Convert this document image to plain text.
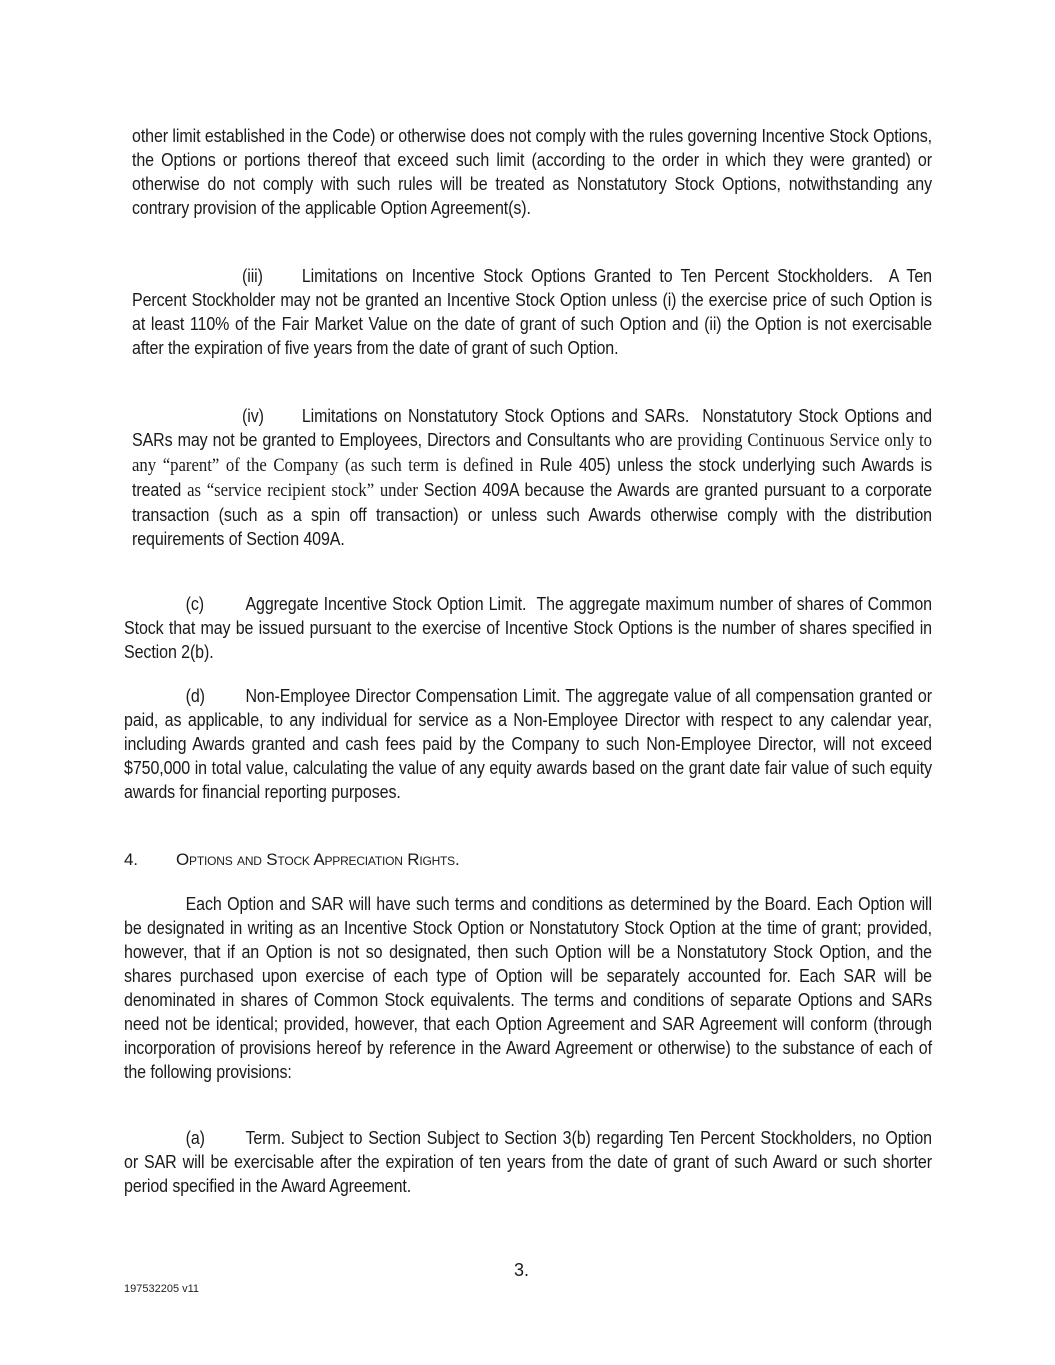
other limit established in the Code) or otherwise does not comply with the rules governing Incentive Stock Options, the Options or portions thereof that exceed such limit (according to the order in which they were granted) or otherwise do not comply with such rules will be treated as Nonstatutory Stock Options, notwithstanding any contrary provision of the applicable Option Agreement(s).
(iii) Limitations on Incentive Stock Options Granted to Ten Percent Stockholders. A Ten Percent Stockholder may not be granted an Incentive Stock Option unless (i) the exercise price of such Option is at least 110% of the Fair Market Value on the date of grant of such Option and (ii) the Option is not exercisable after the expiration of five years from the date of grant of such Option.
(iv) Limitations on Nonstatutory Stock Options and SARs. Nonstatutory Stock Options and SARs may not be granted to Employees, Directors and Consultants who are providing Continuous Service only to any “parent” of the Company (as such term is defined in Rule 405) unless the stock underlying such Awards is treated as “service recipient stock” under Section 409A because the Awards are granted pursuant to a corporate transaction (such as a spin off transaction) or unless such Awards otherwise comply with the distribution requirements of Section 409A.
(c) Aggregate Incentive Stock Option Limit. The aggregate maximum number of shares of Common Stock that may be issued pursuant to the exercise of Incentive Stock Options is the number of shares specified in Section 2(b).
(d) Non-Employee Director Compensation Limit. The aggregate value of all compensation granted or paid, as applicable, to any individual for service as a Non-Employee Director with respect to any calendar year, including Awards granted and cash fees paid by the Company to such Non-Employee Director, will not exceed $750,000 in total value, calculating the value of any equity awards based on the grant date fair value of such equity awards for financial reporting purposes.
4. Options and Stock Appreciation Rights.
Each Option and SAR will have such terms and conditions as determined by the Board. Each Option will be designated in writing as an Incentive Stock Option or Nonstatutory Stock Option at the time of grant; provided, however, that if an Option is not so designated, then such Option will be a Nonstatutory Stock Option, and the shares purchased upon exercise of each type of Option will be separately accounted for. Each SAR will be denominated in shares of Common Stock equivalents. The terms and conditions of separate Options and SARs need not be identical; provided, however, that each Option Agreement and SAR Agreement will conform (through incorporation of provisions hereof by reference in the Award Agreement or otherwise) to the substance of each of the following provisions:
(a) Term. Subject to Section Subject to Section 3(b) regarding Ten Percent Stockholders, no Option or SAR will be exercisable after the expiration of ten years from the date of grant of such Award or such shorter period specified in the Award Agreement.
3.
197532205 v11
